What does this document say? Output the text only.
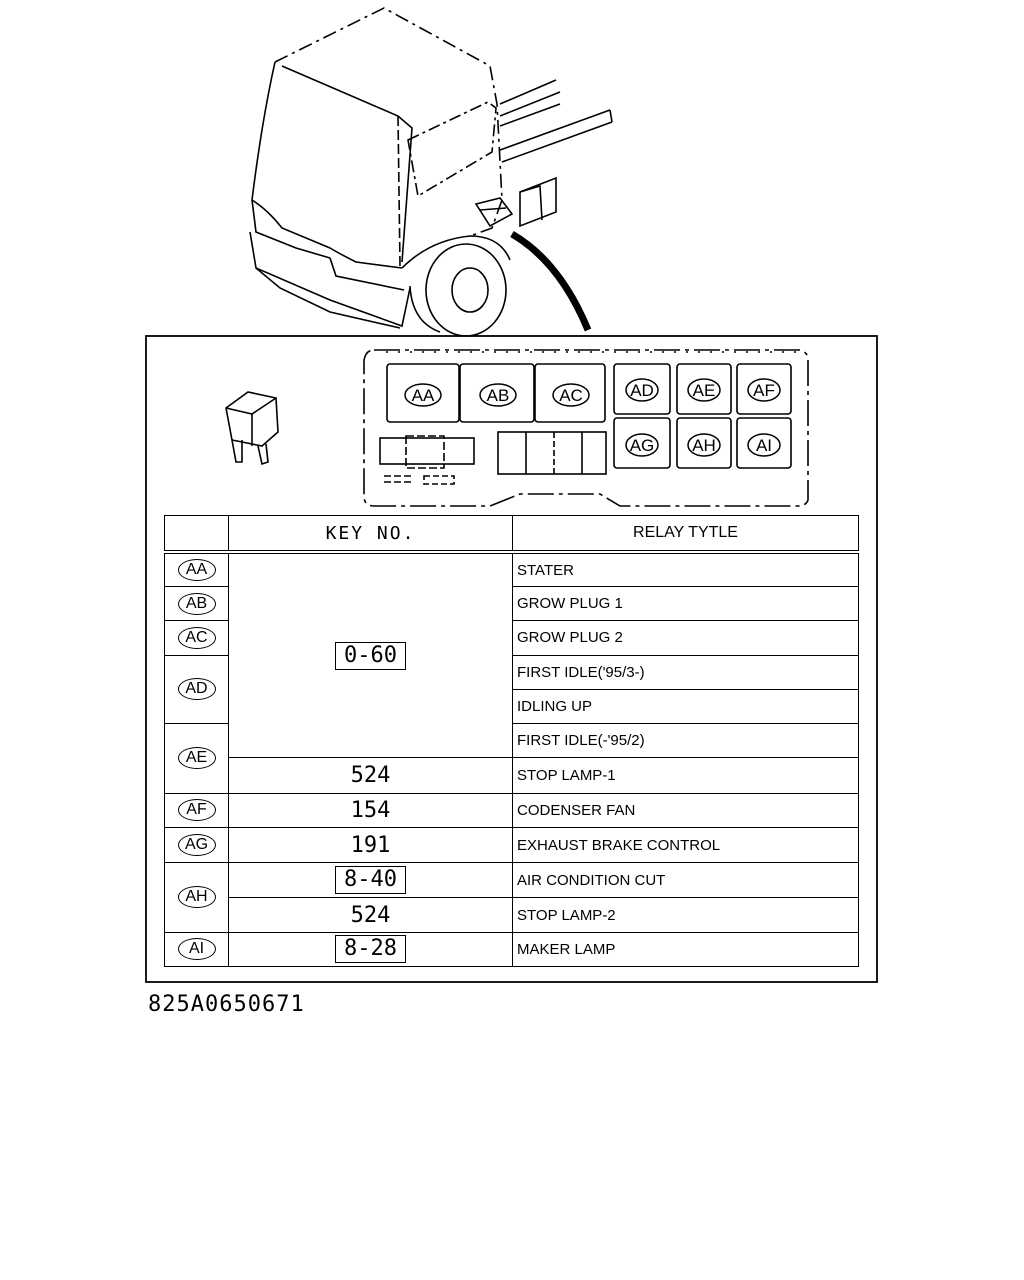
AA	AB	AC	AD AE AF
AG AH AI
	KEY NO.	RELAY TYTLE
AA	0-60	STATER
AB		GROW PLUG 1
AC		GROW PLUG 2
AD		FIRST IDLE('95/3-)
		IDLING UP
AE		FIRST IDLE(-'95/2)
	524	STOP LAMP-1
AF	154	CODENSER FAN
AG	191	EXHAUST BRAKE CONTROL
AH	8-40	AIR CONDITION CUT
	524	STOP LAMP-2
AI	8-28	MAKER LAMP
825A0650671
